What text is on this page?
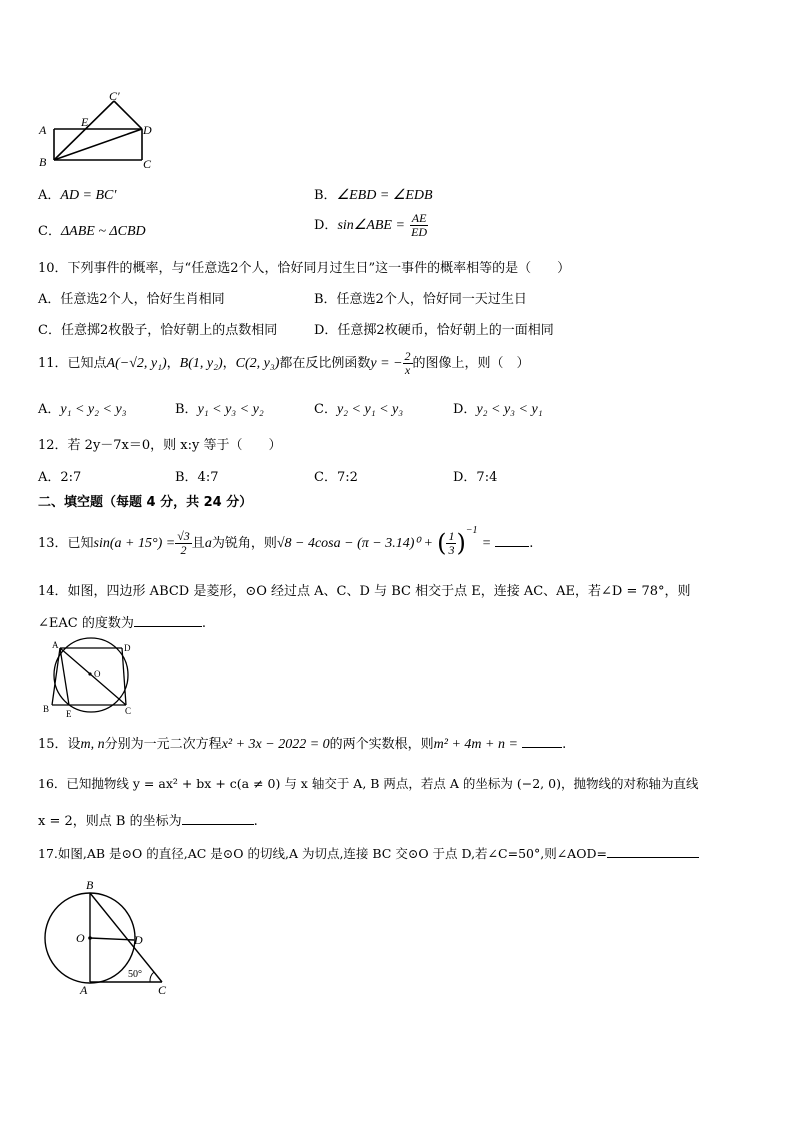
C′
E
A	D
B	C
A．AD = BC′	B．∠EBD = ∠EDB
C．ΔABE ~ ΔCBD	D．sin∠ABE = $\frac{AE}{ED}$
10．下列事件的概率，与“任意选2个人，恰好同月过生日”这一事件的概率相等的是（　　）
A．任意选2个人，恰好生肖相同	B．任意选2个人，恰好同一天过生日
C．任意掷2枚骰子，恰好朝上的点数相同	D．任意掷2枚硬币，恰好朝上的一面相同
11．已知点A(−√2, y₁)，B(1, y₂)，C(2, y₃)都在反比例函数y = − $\frac{2}{x}$ 的图像上，则（　）
A．y₁ < y₂ < y₃	B．y₁ < y₃ < y₂	C．y₂ < y₁ < y₃	D．y₂ < y₃ < y₁
12．若 2y－7x＝0，则 x:y 等于（　　）
A．2:7	B．4:7	C．7:2	D．7:4
二、填空题（每题 4 分，共 24 分）
13．已知$\sin(a + 15^\circ) = \frac{√3}{2}$ 且a为锐角，则√8 − 4cosa − (π − 3.14)⁰ + ( $\frac{1}{3} )^{-1}$ =	.
14．如图，四边形 ABCD 是菱形，⊙O 经过点 A、C、D 与 BC 相交于点 E，连接 AC、AE，若∠D = 78°，则
∠EAC 的度数为	.
A	D
O
B E	C
15．设m, n分别为一元二次方程x² + 3x − 2022 = 0的两个实数根，则m² + 4m + n =	.
16．已知抛物线 y = ax² + bx + c(a ≠ 0) 与 x 轴交于 A, B 两点，若点 A 的坐标为 (−2, 0)，抛物线的对称轴为直线
x = 2，则点 B 的坐标为	.
17.如图,AB 是⊙O 的直径,AC 是⊙O 的切线,A 为切点,连接 BC 交⊙O 于点 D,若∠C=50°,则∠AOD=
B
O	D
A	C
50°
